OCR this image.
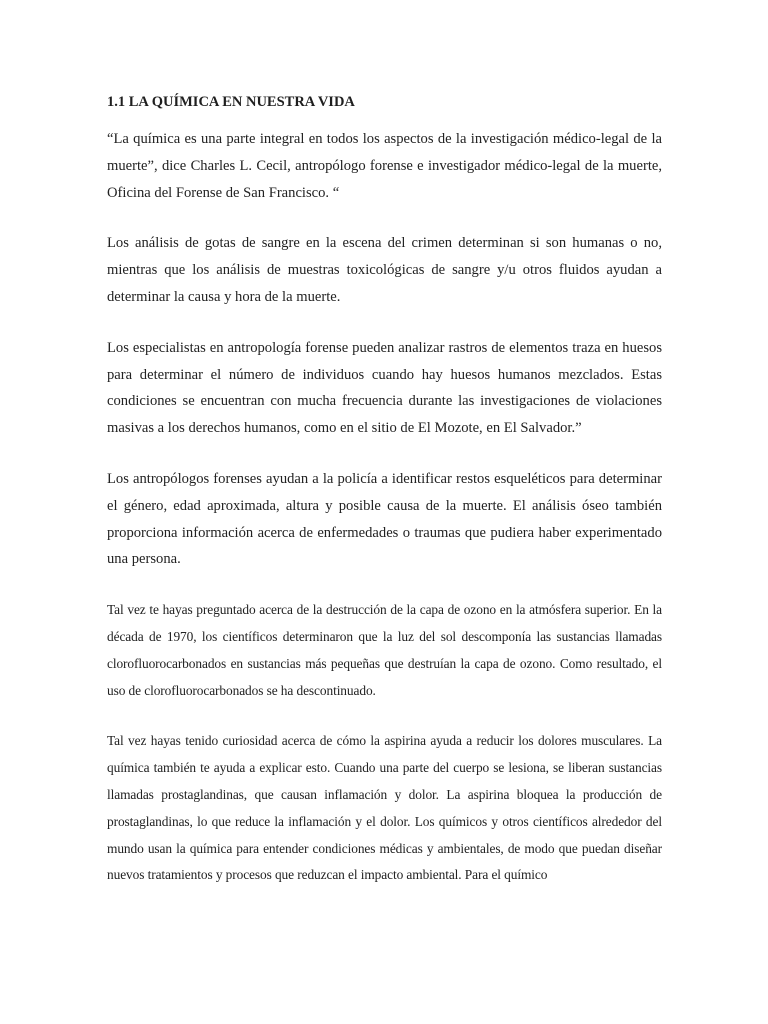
1.1 LA QUÍMICA EN NUESTRA VIDA

“La química es una parte integral en todos los aspectos de la investigación médico-legal de la muerte”, dice Charles L. Cecil, antropólogo forense e investigador médico-legal de la muerte, Oficina del Forense de San Francisco. “

Los análisis de gotas de sangre en la escena del crimen determinan si son humanas o no, mientras que los análisis de muestras toxicológicas de sangre y/u otros fluidos ayudan a determinar la causa y hora de la muerte.

Los especialistas en antropología forense pueden analizar rastros de elementos traza en huesos para determinar el número de individuos cuando hay huesos humanos mezclados. Estas condiciones se encuentran con mucha frecuencia durante las investigaciones de violaciones masivas a los derechos humanos, como en el sitio de El Mozote, en El Salvador.”

Los antropólogos forenses ayudan a la policía a identificar restos esqueléticos para determinar el género, edad aproximada, altura y posible causa de la muerte. El análisis óseo también proporciona información acerca de enfermedades o traumas que pudiera haber experimentado una persona.

Tal vez te hayas preguntado acerca de la destrucción de la capa de ozono en la atmósfera superior. En la década de 1970, los científicos determinaron que la luz del sol descomponía las sustancias llamadas clorofluorocarbonados en sustancias más pequeñas que destruían la capa de ozono. Como resultado, el uso de clorofluorocarbonados se ha descontinuado.

Tal vez hayas tenido curiosidad acerca de cómo la aspirina ayuda a reducir los dolores musculares. La química también te ayuda a explicar esto. Cuando una parte del cuerpo se lesiona, se liberan sustancias llamadas prostaglandinas, que causan inflamación y dolor. La aspirina bloquea la producción de prostaglandinas, lo que reduce la inflamación y el dolor. Los químicos y otros científicos alrededor del mundo usan la química para entender condiciones médicas y ambientales, de modo que puedan diseñar nuevos tratamientos y procesos que reduzcan el impacto ambiental. Para el químico
